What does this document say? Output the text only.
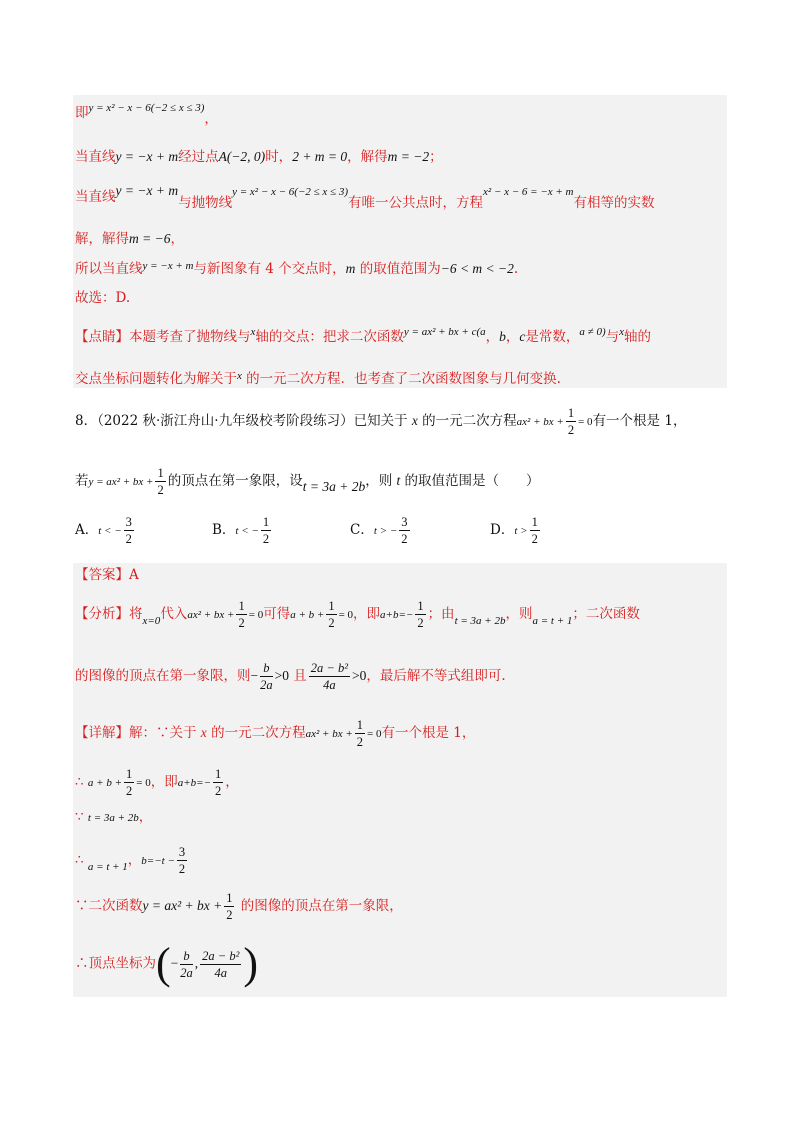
即$^{y = x^2 - x - 6(-2 \le x \le 3)}$，
当直线y = −x + m经过点A(−2, 0)时，2 + m = 0，解得m = −2；
当直线y = −x + m与抛物线$^{y = x^2 - x - 6(-2 \le x \le 3)}$有唯一公共点时，方程$^{x^2 - x - 6 = -x + m}$有相等的实数
解，解得m = −6，
所以当直线$^{y = -x + m}$与新图象有 4 个交点时，m 的取值范围为−6 < m < −2.
故选：D.
【点睛】本题考查了抛物线与$^x$轴的交点：把求二次函数$^{y = ax^2 + bx + c(a}$，b，c是常数，$^{a \ne 0)}$与$^x$轴的
交点坐标问题转化为解关于$^x$ 的一元二次方程．也考查了二次函数图象与几何变换.
8．（2022 秋·浙江舟山·九年级校考阶段练习）已知关于 x 的一元二次方程ax² + bx + $\frac{1}{2} = 0$有一个根是 1，
若y = ax² + bx + $\frac{1}{2}$ 的顶点在第一象限，设t = 3a + 2b，则 t 的取值范围是（　　）
A．t < − $\frac{3}{2}$	B．t < − $\frac{1}{2}$	C．t > − $\frac{3}{2}$	D．$t > \frac{1}{2}$
【答案】A
【分析】将$_{x=0}$代入ax² + bx + $\frac{1}{2} = 0$可得$a + b + \frac{1}{2} = 0$，即$a+b=- \frac{1}{2}$ ；由$_{t = 3a + 2b}$，则$_{a = t + 1}$；二次函数
的图像的顶点在第一象限，则− $\frac{b}{2a} >0$ 且 $\frac{\text{2a − b²}}{4a} >0$，最后解不等式组即可.
【详解】解：∵关于 x 的一元二次方程ax² + bx + $\frac{1}{2} = 0$有一个根是 1，
∴ $a + b + \frac{1}{2} = 0$，即$a+b=- \frac{1}{2}$ ，
∵ t = 3a + 2b，
∴ $_{a = t + 1}$，$b=-t - \frac{3}{2}$
∵二次函数y = ax² + bx + $\frac{1}{2}$ 的图像的顶点在第一象限，
∴顶点坐标为(− $\frac{b}{2a}$ , $\frac{\text{2a − b²}}{4a}$ )
